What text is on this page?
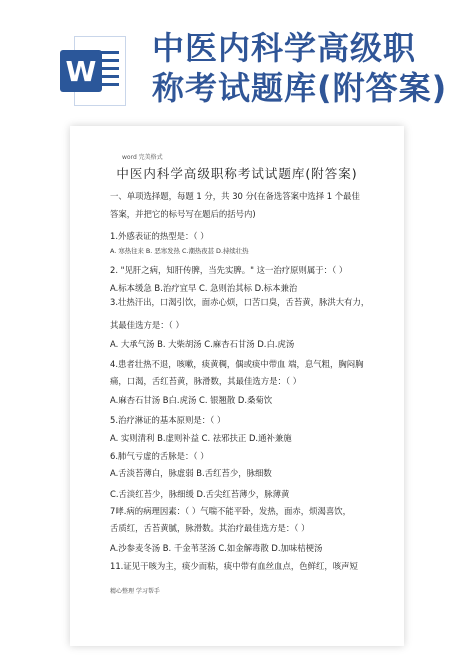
W
中医内科学高级职
称考试题库(附答案)
word 完美格式
中医内科学高级职称考试试题库(附答案)
一、单项选择题，每题 1 分，共 30 分(在备选答案中选择 1 个最佳
答案，并把它的标号写在题后的括号内)
1.外感表证的热型是：（ ）
A. 寒热往来 B. 恶寒发热 C.潮热夜甚 D.持续壮热
2. "见肝之病，知肝传脾，当先实脾。" 这一治疗原则属于：（ ）
A.标本缓急 B.治疗宜早 C. 急则治其标 D.标本兼治
3.壮热汗出，口渴引饮，面赤心烦，口苦口臭，舌苔黄，脉洪大有力，
其最佳选方是：（ ）
A. 大承气汤 B. 大柴胡汤 C.麻杏石甘汤 D.白.虎汤
4.患者壮热不退，咳嗽，痰黄稠，偶或痰中带血 端，息气粗，胸闷胸
痛，口渴，舌红苔黄，脉滑数，其最佳选方是：（ ）
A.麻杏石甘汤 B白.虎汤 C. 银翘散 D.桑菊饮
5.治疗淋证的基本原则是：（ ）
A. 实则清利 B.虚则补益 C. 祛邪扶正 D.通补兼施
6.肺气亏虚的舌脉是：（ ）
A.舌淡苔薄白，脉虚弱 B.舌红苔少，脉细数
C.舌淡红苔少，脉细缓 D.舌尖红苔薄少，脉薄黄
7哮.病的病理因素：（ ）气喘不能平卧，发热，面赤，烦渴喜饮，
舌质红，舌苔黄腻，脉滑数。其治疗最佳选方是：（ ）
A.沙参麦冬汤 B. 千金苇茎汤 C.如金解毒散 D.加味桔梗汤
11.证见干咳为主，痰少而粘，痰中带有血丝血点，色鲜红，咳声短
精心整理 学习帮手
